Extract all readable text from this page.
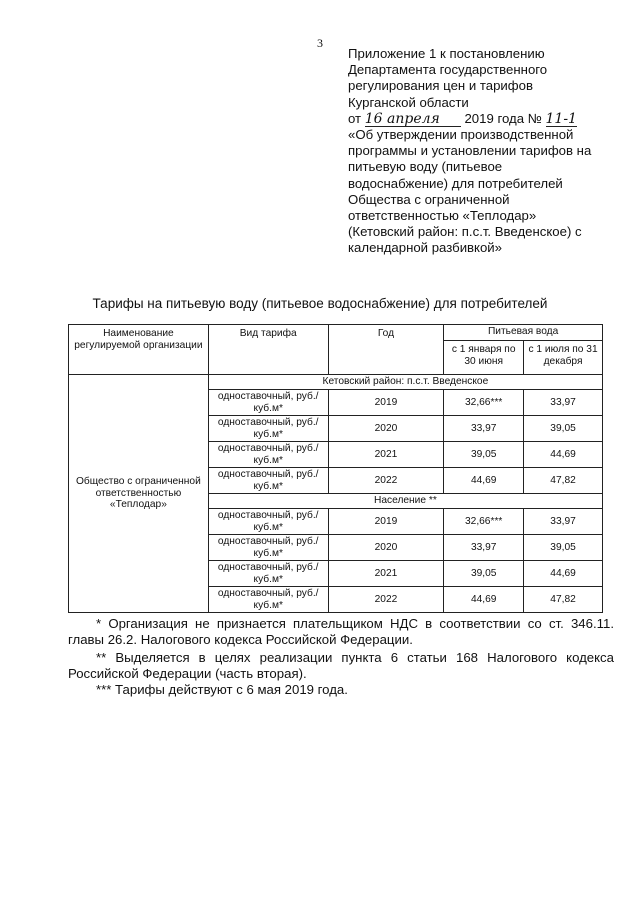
3
Приложение 1 к постановлению
Департамента государственного
регулирования цен и тарифов
Курганской области
от 16 апреля 2019 года № 11-1
«Об утверждении производственной
программы и установлении тарифов на
питьевую воду (питьевое
водоснабжение) для потребителей
Общества с ограниченной
ответственностью «Теплодар»
(Кетовский район: п.с.т. Введенское) с
календарной разбивкой»
Тарифы на питьевую воду (питьевое водоснабжение) для потребителей
Наименование регулируемой организации	Вид тарифа	Год	Питьевая вода	
			с 1 января по 30 июня	с 1 июля по 31 декабря
Общество с ограниченной ответственностью «Теплодар»	Кетовский район: п.с.т. Введенское			
	одноставочный, руб./куб.м*	2019	32,66***	33,97
	одноставочный, руб./куб.м*	2020	33,97	39,05
	одноставочный, руб./куб.м*	2021	39,05	44,69
	одноставочный, руб./куб.м*	2022	44,69	47,82
	Население **			
	одноставочный, руб./куб.м*	2019	32,66***	33,97
	одноставочный, руб./куб.м*	2020	33,97	39,05
	одноставочный, руб./куб.м*	2021	39,05	44,69
	одноставочный, руб./куб.м*	2022	44,69	47,82

* Организация не признается плательщиком НДС в соответствии со ст. 346.11. главы 26.2. Налогового кодекса Российской Федерации.

** Выделяется в целях реализации пункта 6 статьи 168 Налогового кодекса Российской Федерации (часть вторая).

*** Тарифы действуют с 6 мая 2019 года.
